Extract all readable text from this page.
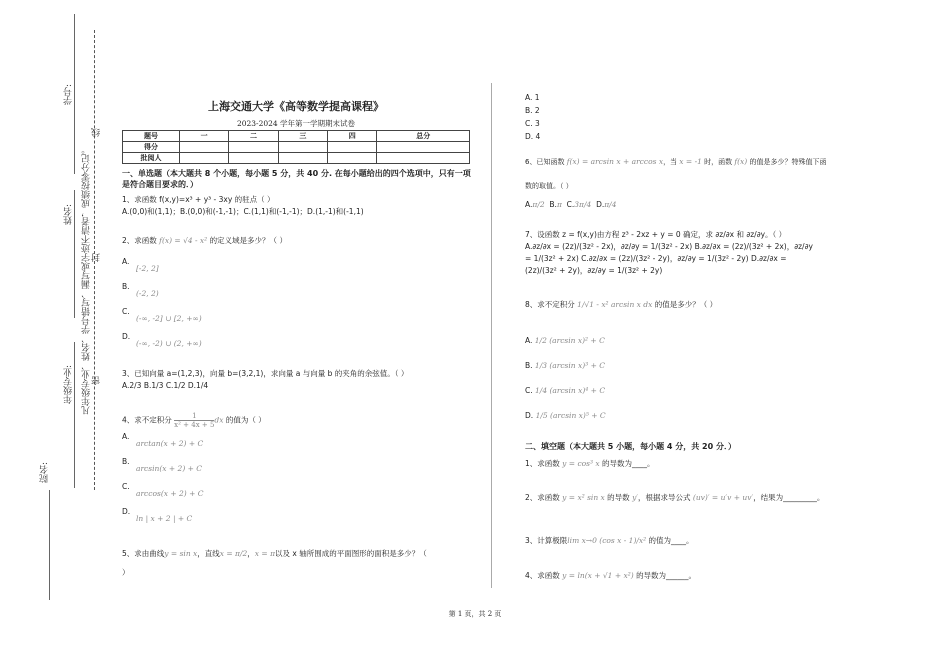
学号:
姓名:
年级专业:
院名:
凡年级专业、姓名、学号错写、漏写或字迹不清者，成绩按零分记。 密
封
线
上海交通大学《高等数学提高课程》
2023-2024 学年第一学期期末试卷
题号	一	二	三	四	总分
得分					
批阅人					
一、单选题（本大题共 8 个小题，每小题 5 分，共 40 分. 在每小题给出的四个选项中，只有一项是符合题目要求的．）
1、求函数 f(x,y)=x³ + y³ - 3xy 的驻点（ ）
A.(0,0)和(1,1)；B.(0,0)和(-1,-1)；C.(1,1)和(-1,-1)；D.(1,-1)和(-1,1)
2、求函数 f(x) = √4 - x² 的定义域是多少？（ ）
A.
[-2, 2]
B.
(-2, 2)
C.
(-∞, -2] ∪ [2, +∞)
D.
(-∞, -2) ∪ (2, +∞)
3、已知向量 a=(1,2,3)，向量 b=(3,2,1)，求向量 a 与向量 b 的夹角的余弦值。（ ）
A.2/3 B.1/3 C.1/2 D.1/4
4、求不定积分 $\frac{1}{\text{x² + 4x + 5}}$ dx 的值为（ ）
A.
arctan(x + 2) + C
B.
arcsin(x + 2) + C
C.
arccos(x + 2) + C
D.
ln | x + 2 | + C
5、求由曲线y = sin x，直线x = π/2，x = π以及 x 轴所围成的平面图形的面积是多少？（
）
A. 1
B. 2
C. 3
D. 4
6、已知函数 f(x) = arcsin x + arccos x，当 x = -1 时，函数 f(x) 的值是多少？特殊值下函
数的取值。（ ）
A.π/2 B.π C.3π/4 D.π/4
7、设函数 z = f(x,y)由方程 z³ - 2xz + y = 0 确定，求 ∂z/∂x 和 ∂z/∂y。（ ）
A.∂z/∂x = (2z)/(3z² - 2x)，∂z/∂y = 1/(3z² - 2x) B.∂z/∂x = (2z)/(3z² + 2x)，∂z/∂y
= 1/(3z² + 2x) C.∂z/∂x = (2z)/(3z² - 2y)，∂z/∂y = 1/(3z² - 2y) D.∂z/∂x =
(2z)/(3z² + 2y)，∂z/∂y = 1/(3z² + 2y)
8、求不定积分 1/√1 - x² arcsin x dx 的值是多少？（ ）
A. 1/2 (arcsin x)² + C
B. 1/3 (arcsin x)³ + C
C. 1/4 (arcsin x)⁴ + C
D. 1/5 (arcsin x)⁵ + C
二、填空题（本大题共 5 小题，每小题 4 分，共 20 分．）
1、求函数 y = cos³ x 的导数为____。
2、求函数 y = x² sin x 的导数 y′，根据求导公式 (uv)′ = u′v + uv′，结果为_________。
3、计算极限lim x→0 (cos x - 1)/x² 的值为____。
4、求函数 y = ln(x + √1 + x²) 的导数为______。
第 1 页，共 2 页
